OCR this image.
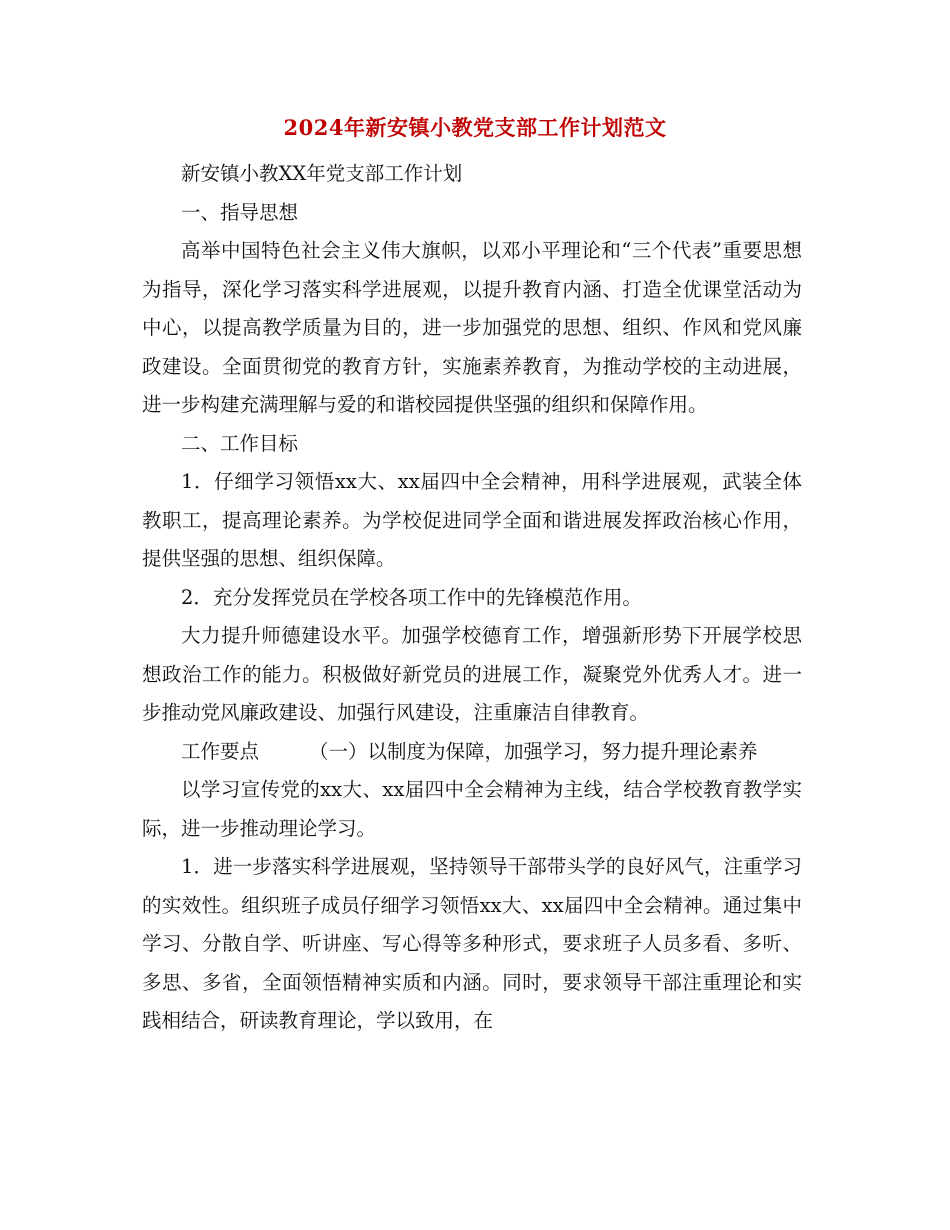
2024年新安镇小教党支部工作计划范文

新安镇小教XX年党支部工作计划

一、指导思想

高举中国特色社会主义伟大旗帜，以邓小平理论和“三个代表”重要思想为指导，深化学习落实科学进展观，以提升教育内涵、打造全优课堂活动为中心，以提高教学质量为目的，进一步加强党的思想、组织、作风和党风廉政建设。全面贯彻党的教育方针，实施素养教育，为推动学校的主动进展，进一步构建充满理解与爱的和谐校园提供坚强的组织和保障作用。

二、工作目标

1．仔细学习领悟xx大、xx届四中全会精神，用科学进展观，武装全体教职工，提高理论素养。为学校促进同学全面和谐进展发挥政治核心作用，提供坚强的思想、组织保障。

2．充分发挥党员在学校各项工作中的先锋模范作用。

大力提升师德建设水平。加强学校德育工作，增强新形势下开展学校思想政治工作的能力。积极做好新党员的进展工作，凝聚党外优秀人才。进一步推动党风廉政建设、加强行风建设，注重廉洁自律教育。

工作要点	（一）以制度为保障，加强学习，努力提升理论素养

以学习宣传党的xx大、xx届四中全会精神为主线，结合学校教育教学实际，进一步推动理论学习。

1．进一步落实科学进展观，坚持领导干部带头学的良好风气，注重学习的实效性。组织班子成员仔细学习领悟xx大、xx届四中全会精神。通过集中学习、分散自学、听讲座、写心得等多种形式，要求班子人员多看、多听、多思、多省，全面领悟精神实质和内涵。同时，要求领导干部注重理论和实践相结合，研读教育理论，学以致用，在
